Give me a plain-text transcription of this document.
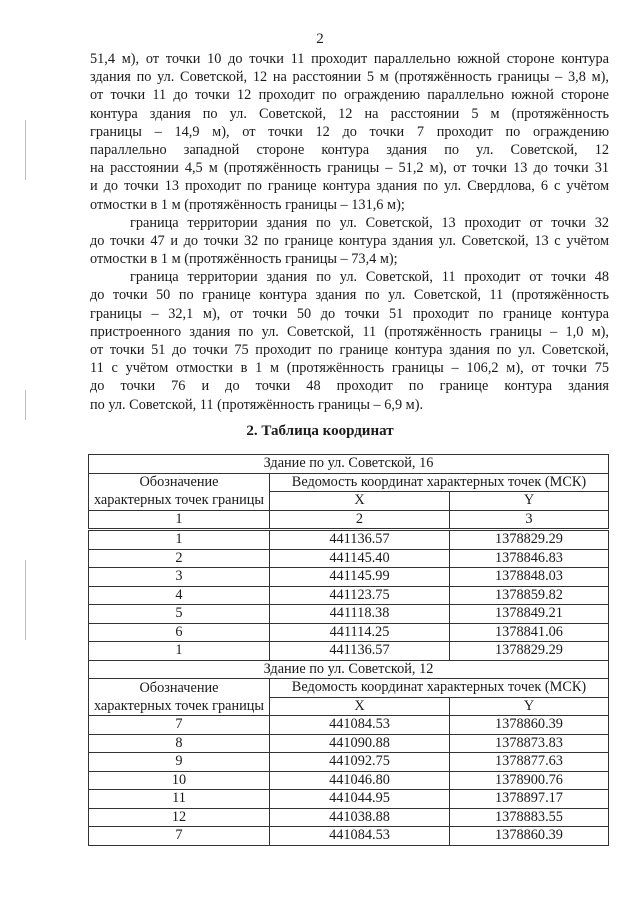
2
51,4 м), от точки 10 до точки 11 проходит параллельно южной стороне контура
здания по ул. Советской, 12 на расстоянии 5 м (протяжённость границы – 3,8 м),
от точки 11 до точки 12 проходит по ограждению параллельно южной стороне
контура здания по ул. Советской, 12 на расстоянии 5 м (протяжённость
границы – 14,9 м), от точки 12 до точки 7 проходит по ограждению
параллельно западной стороне контура здания по ул. Советской, 12
на расстоянии 4,5 м (протяжённость границы – 51,2 м), от точки 13 до точки 31
и до точки 13 проходит по границе контура здания по ул. Свердлова, 6 с учётом
отмостки в 1 м (протяжённость границы – 131,6 м);
граница территории здания по ул. Советской, 13 проходит от точки 32
до точки 47 и до точки 32 по границе контура здания ул. Советской, 13 с учётом
отмостки в 1 м (протяжённость границы – 73,4 м);
граница территории здания по ул. Советской, 11 проходит от точки 48
до точки 50 по границе контура здания по ул. Советской, 11 (протяжённость
границы – 32,1 м), от точки 50 до точки 51 проходит по границе контура
пристроенного здания по ул. Советской, 11 (протяжённость границы – 1,0 м),
от точки 51 до точки 75 проходит по границе контура здания по ул. Советской,
11 с учётом отмостки в 1 м (протяжённость границы – 106,2 м), от точки 75
до точки 76 и до точки 48 проходит по границе контура здания
по ул. Советской, 11 (протяжённость границы – 6,9 м).
2. Таблица координат
Здание по ул. Советской, 16		
Обозначение	Ведомость координат характерных точек (МСК)	
характерных точек границы	X	Y
1	2	3
1	441136.57	1378829.29
2	441145.40	1378846.83
3	441145.99	1378848.03
4	441123.75	1378859.82
5	441118.38	1378849.21
6	441114.25	1378841.06
1	441136.57	1378829.29
Здание по ул. Советской, 12		
Обозначение	Ведомость координат характерных точек (МСК)	
характерных точек границы	X	Y
7	441084.53	1378860.39
8	441090.88	1378873.83
9	441092.75	1378877.63
10	441046.80	1378900.76
11	441044.95	1378897.17
12	441038.88	1378883.55
7	441084.53	1378860.39
